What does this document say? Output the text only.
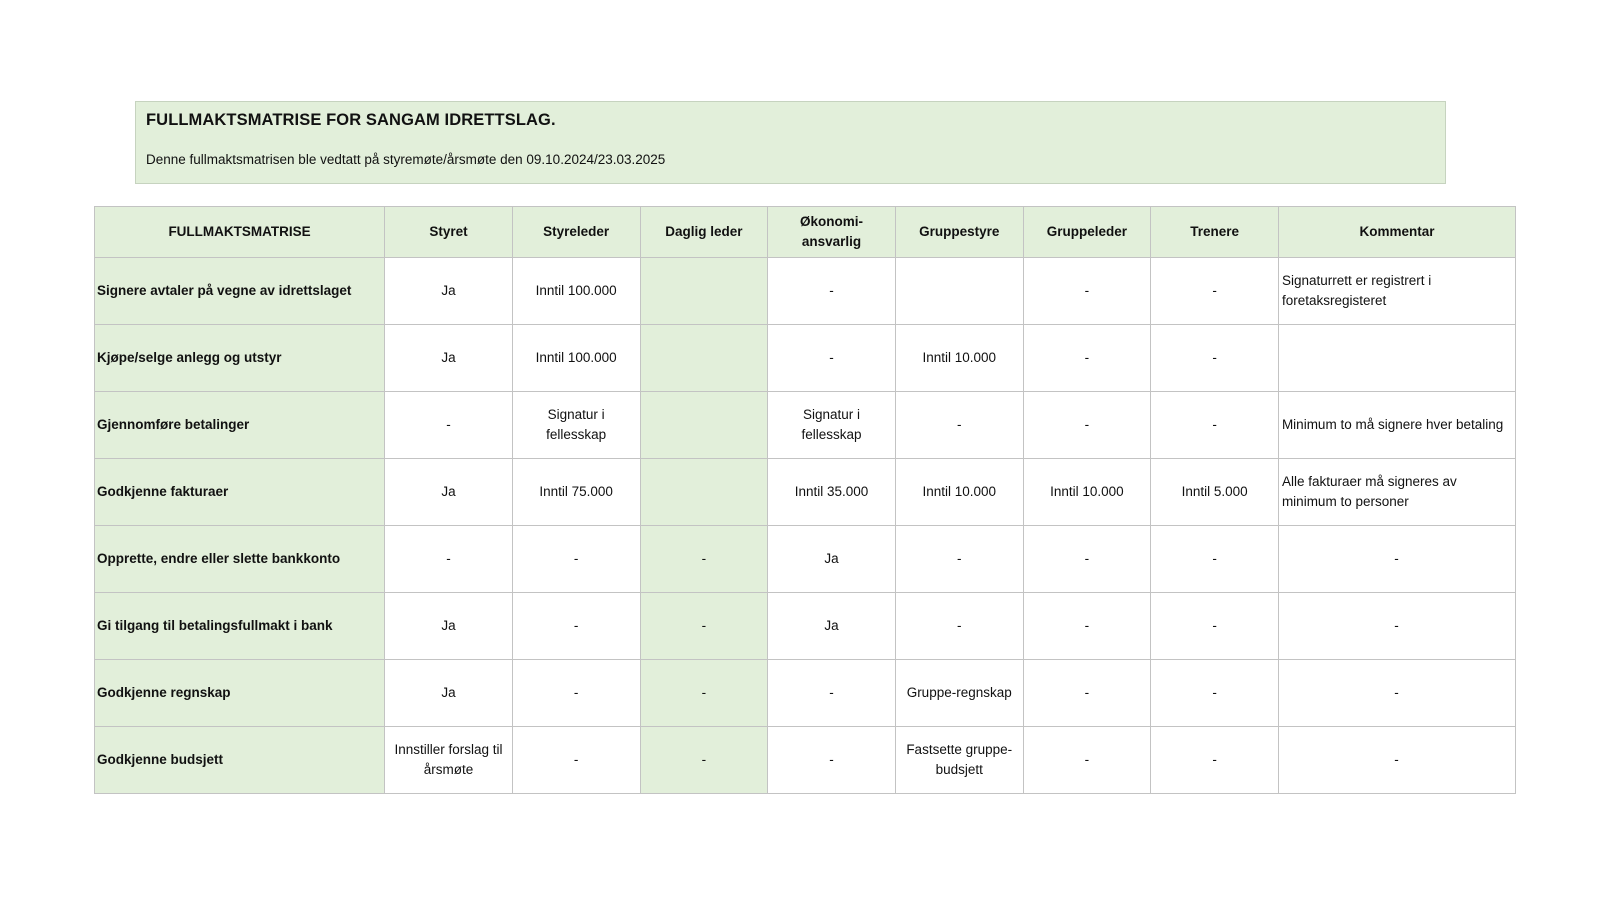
FULLMAKTSMATRISE FOR SANGAM IDRETTSLAG.
Denne fullmaktsmatrisen ble vedtatt på styremøte/årsmøte den 09.10.2024/23.03.2025
FULLMAKTSMATRISE	Styret	Styreleder	Daglig leder	Økonomi-ansvarlig	Gruppestyre	Gruppeleder	Trenere	Kommentar
Signere avtaler på vegne av idrettslaget	Ja	Inntil 100.000		-		-	-	Signaturrett er registrert i foretaksregisteret
Kjøpe/selge anlegg og utstyr	Ja	Inntil 100.000		-	Inntil 10.000	-	-	
Gjennomføre betalinger	-	Signatur i fellesskap		Signatur i fellesskap	-	-	-	Minimum to må signere hver betaling
Godkjenne fakturaer	Ja	Inntil 75.000		Inntil 35.000	Inntil 10.000	Inntil 10.000	Inntil 5.000	Alle fakturaer må signeres av minimum to personer
Opprette, endre eller slette bankkonto	-	-	-	Ja	-	-	-	-
Gi tilgang til betalingsfullmakt i bank	Ja	-	-	Ja	-	-	-	-
Godkjenne regnskap	Ja	-	-	-	Gruppe-regnskap	-	-	-
Godkjenne budsjett	Innstiller forslag til årsmøte	-	-	-	Fastsette gruppe-budsjett	-	-	-
